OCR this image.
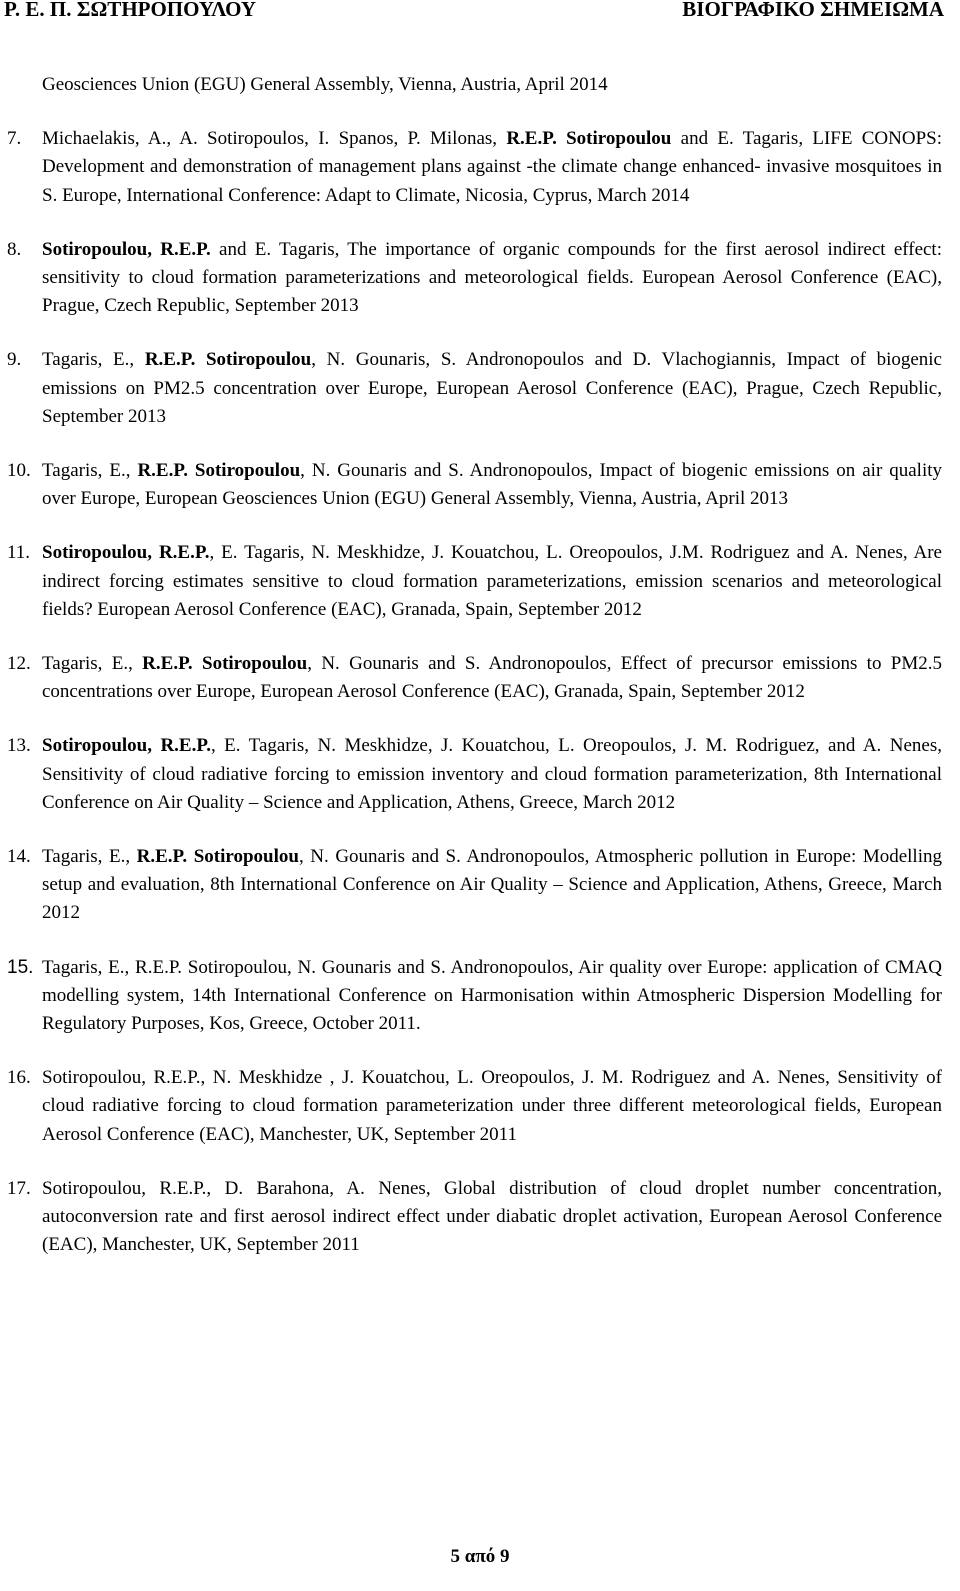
Ρ. Ε. Π. ΣΩΤΗΡΟΠΟΥΛΟΥ	ΒΙΟΓΡΑΦΙΚΟ ΣΗΜΕΙΩΜΑ

Geosciences Union (EGU) General Assembly, Vienna, Austria, April 2014

7. Michaelakis, A., A. Sotiropoulos, I. Spanos, P. Milonas, R.E.P. Sotiropoulou and E. Tagaris, LIFE CONOPS: Development and demonstration of management plans against -the climate change enhanced- invasive mosquitoes in S. Europe, International Conference: Adapt to Climate, Nicosia, Cyprus, March 2014

8. Sotiropoulou, R.E.P. and E. Tagaris, The importance of organic compounds for the first aerosol indirect effect: sensitivity to cloud formation parameterizations and meteorological fields. European Aerosol Conference (EAC), Prague, Czech Republic, September 2013

9. Tagaris, E., R.E.P. Sotiropoulou, N. Gounaris, S. Andronopoulos and D. Vlachogiannis, Impact of biogenic emissions on PM2.5 concentration over Europe, European Aerosol Conference (EAC), Prague, Czech Republic, September 2013

10. Tagaris, E., R.E.P. Sotiropoulou, N. Gounaris and S. Andronopoulos, Impact of biogenic emissions on air quality over Europe, European Geosciences Union (EGU) General Assembly, Vienna, Austria, April 2013

11. Sotiropoulou, R.E.P., E. Tagaris, N. Meskhidze, J. Kouatchou, L. Oreopoulos, J.M. Rodriguez and A. Nenes, Are indirect forcing estimates sensitive to cloud formation parameterizations, emission scenarios and meteorological fields? European Aerosol Conference (EAC), Granada, Spain, September 2012

12. Tagaris, E., R.E.P. Sotiropoulou, N. Gounaris and S. Andronopoulos, Effect of precursor emissions to PM2.5 concentrations over Europe, European Aerosol Conference (EAC), Granada, Spain, September 2012

13. Sotiropoulou, R.E.P., E. Tagaris, N. Meskhidze, J. Kouatchou, L. Oreopoulos, J. M. Rodriguez, and A. Nenes, Sensitivity of cloud radiative forcing to emission inventory and cloud formation parameterization, 8th International Conference on Air Quality – Science and Application, Athens, Greece, March 2012

14. Tagaris, E., R.E.P. Sotiropoulou, N. Gounaris and S. Andronopoulos, Atmospheric pollution in Europe: Modelling setup and evaluation, 8th International Conference on Air Quality – Science and Application, Athens, Greece, March 2012

15. Tagaris, E., R.E.P. Sotiropoulou, N. Gounaris and S. Andronopoulos, Air quality over Europe: application of CMAQ modelling system, 14th International Conference on Harmonisation within Atmospheric Dispersion Modelling for Regulatory Purposes, Kos, Greece, October 2011.

16. Sotiropoulou, R.E.P., N. Meskhidze , J. Kouatchou, L. Oreopoulos, J. M. Rodriguez and A. Nenes, Sensitivity of cloud radiative forcing to cloud formation parameterization under three different meteorological fields, European Aerosol Conference (EAC), Manchester, UK, September 2011

17. Sotiropoulou, R.E.P., D. Barahona, A. Nenes, Global distribution of cloud droplet number concentration, autoconversion rate and first aerosol indirect effect under diabatic droplet activation, European Aerosol Conference (EAC), Manchester, UK, September 2011

5 από 9
